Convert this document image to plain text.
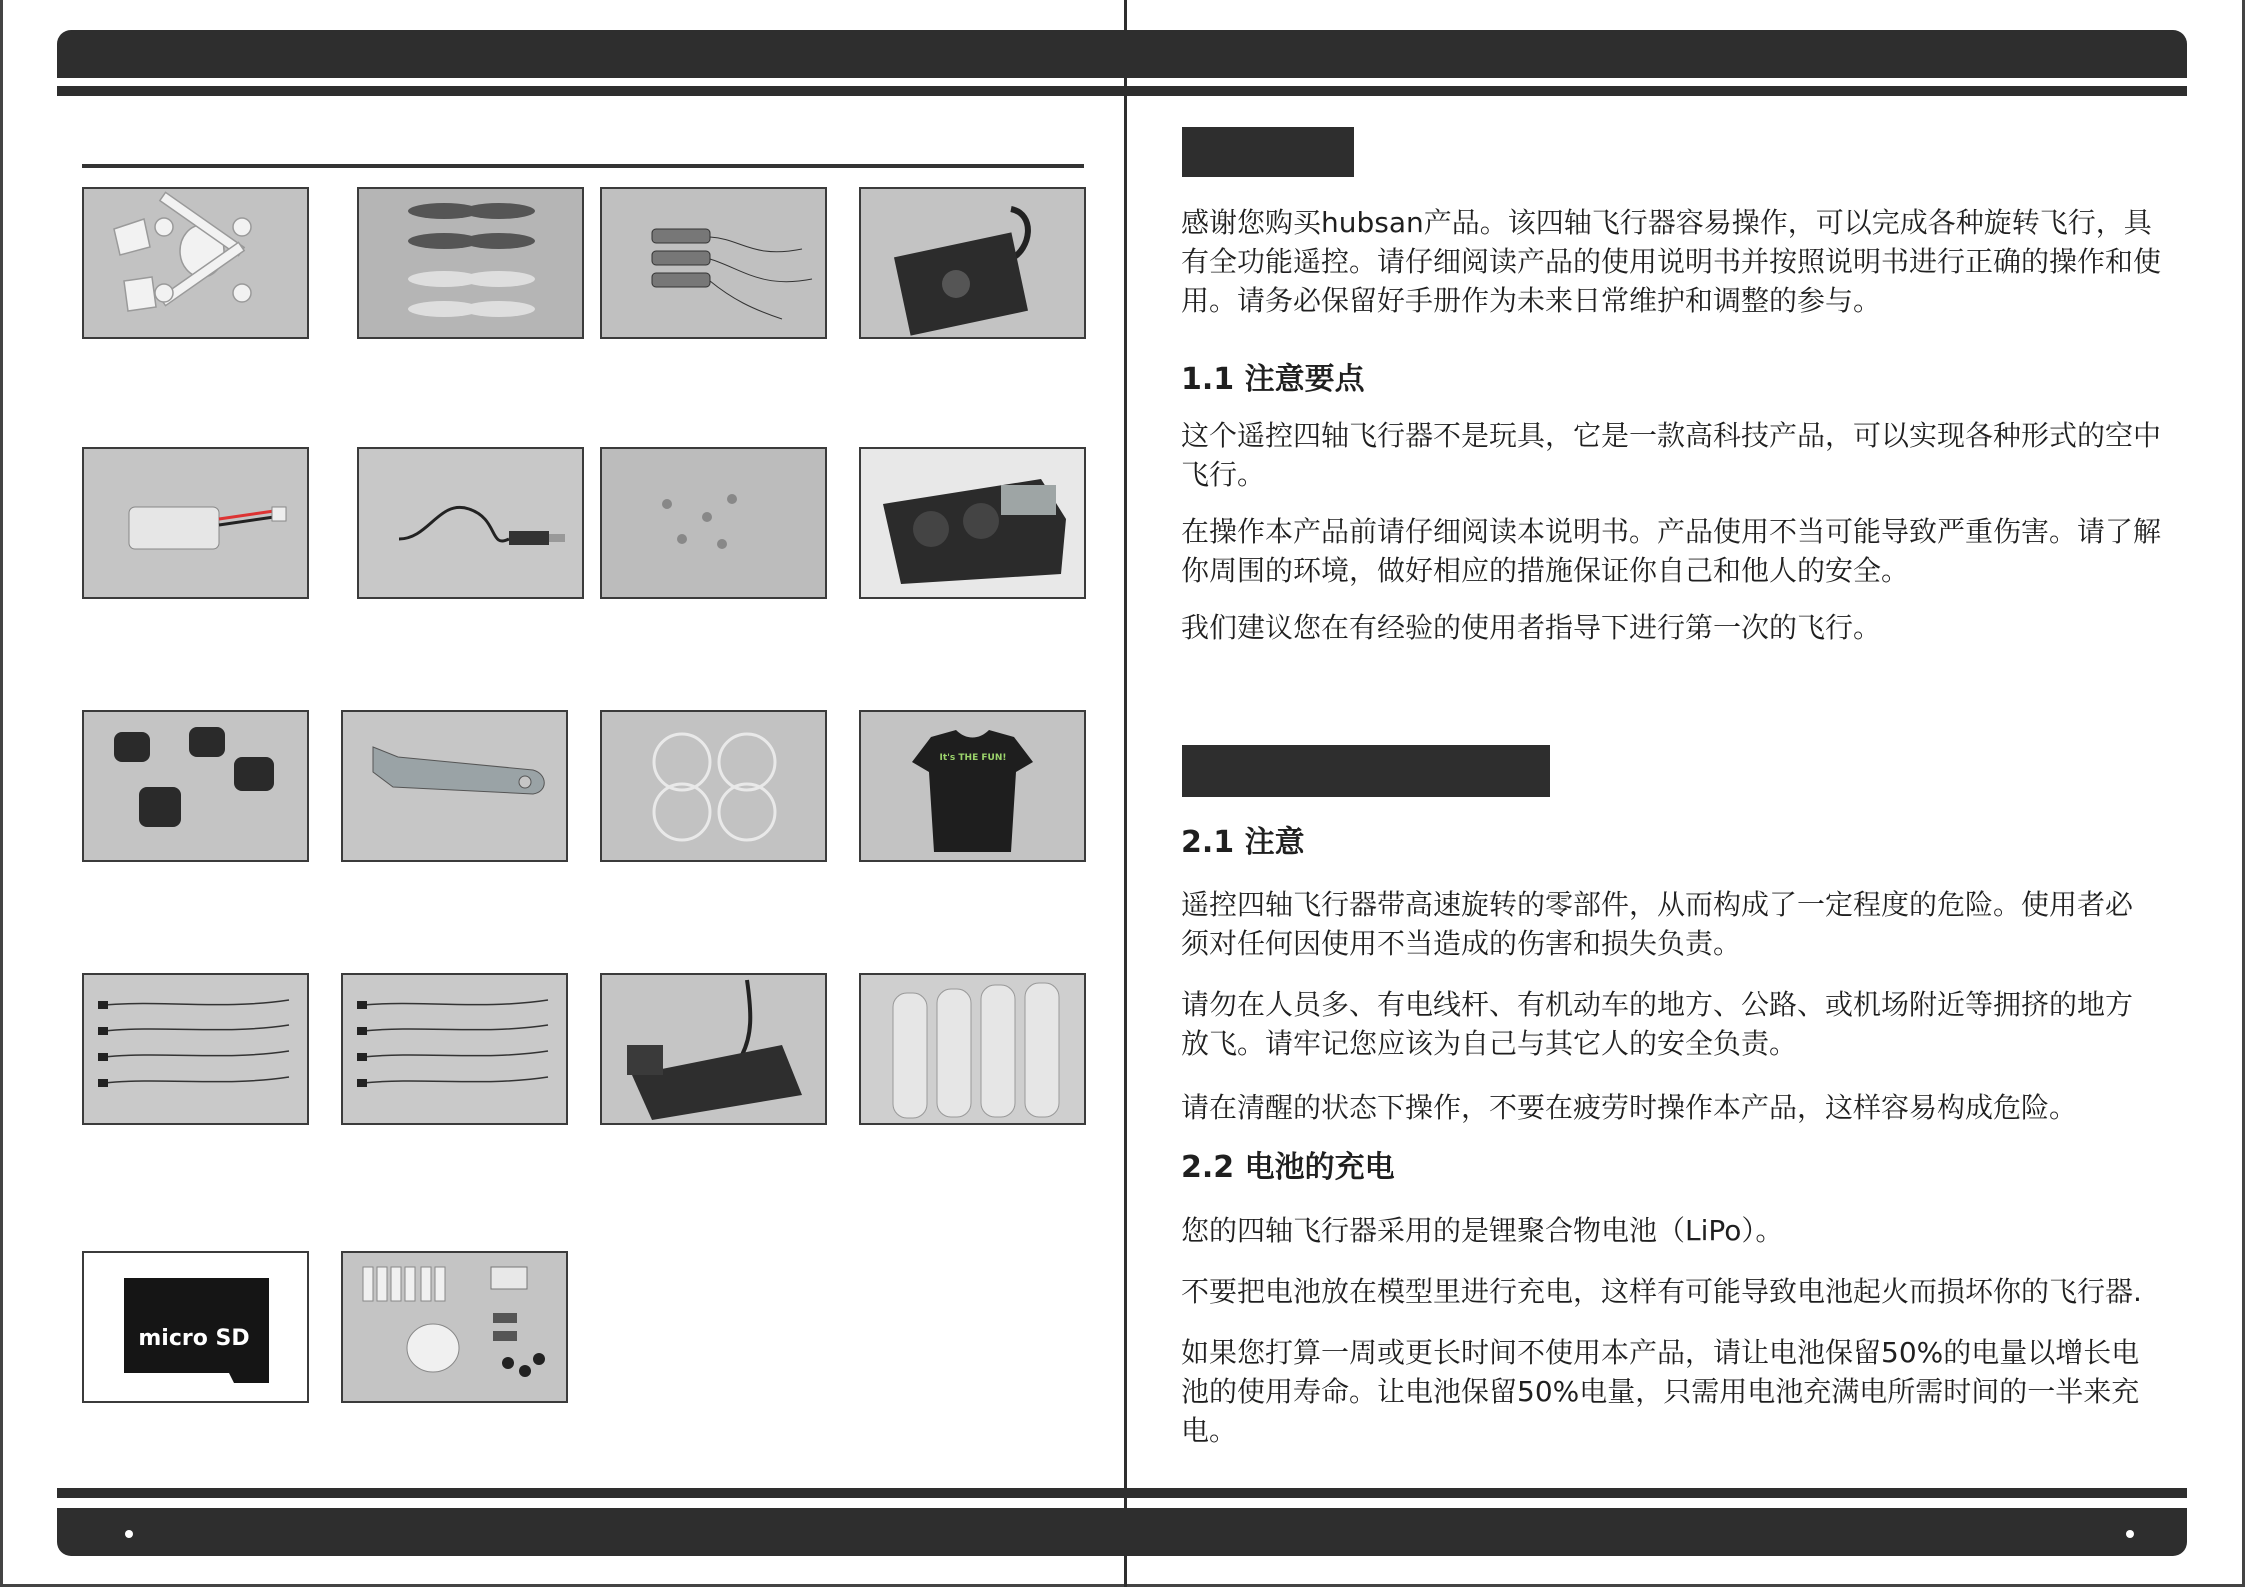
It's THE FUN!
micro SD

感谢您购买hubsan产品。该四轴飞行器容易操作，可以完成各种旋转飞行，具
有全功能遥控。请仔细阅读产品的使用说明书并按照说明书进行正确的操作和使
用。请务必保留好手册作为未来日常维护和调整的参与。

1.1 注意要点

这个遥控四轴飞行器不是玩具，它是一款高科技产品，可以实现各种形式的空中
飞行。

在操作本产品前请仔细阅读本说明书。产品使用不当可能导致严重伤害。请了解
你周围的环境，做好相应的措施保证你自己和他人的安全。

我们建议您在有经验的使用者指导下进行第一次的飞行。

2.1 注意

遥控四轴飞行器带高速旋转的零部件，从而构成了一定程度的危险。使用者必
须对任何因使用不当造成的伤害和损失负责。

请勿在人员多、有电线杆、有机动车的地方、公路、或机场附近等拥挤的地方
放飞。请牢记您应该为自己与其它人的安全负责。

请在清醒的状态下操作，不要在疲劳时操作本产品，这样容易构成危险。

2.2 电池的充电

您的四轴飞行器采用的是锂聚合物电池（LiPo）。

不要把电池放在模型里进行充电，这样有可能导致电池起火而损坏你的飞行器.

如果您打算一周或更长时间不使用本产品，请让电池保留50%的电量以增长电
池的使用寿命。让电池保留50%电量，只需用电池充满电所需时间的一半来充
电。
